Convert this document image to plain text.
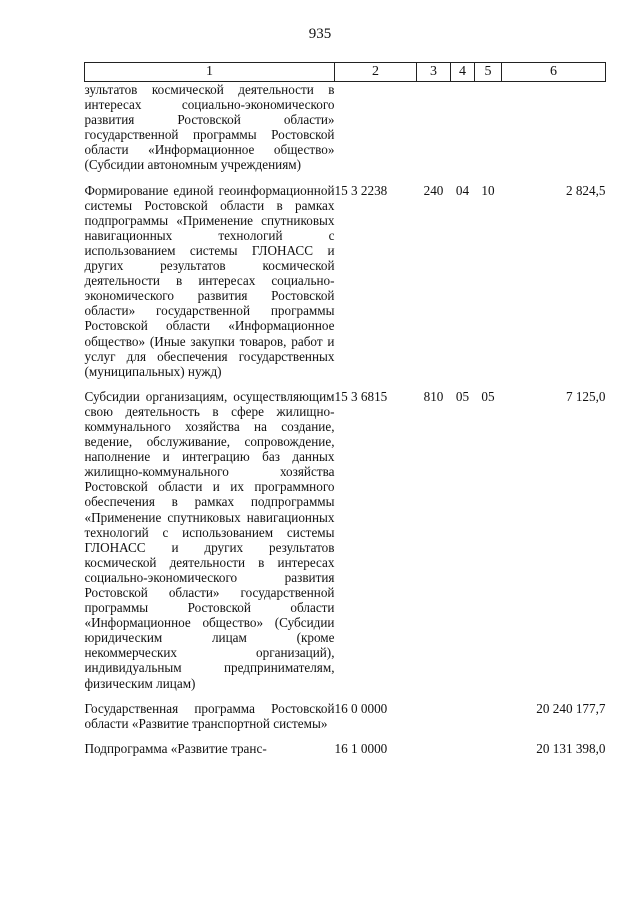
935
1	2	3	4	5	6
зультатов космической деятельности в интересах социально-экономического развития Ростовской области» государственной программы Ростовской области «Информационное общество» (Субсидии автономным учреждениям)					

Формирование единой геоинформационной системы Ростовской области в рамках подпрограммы «Применение спутниковых навигационных технологий с использованием системы ГЛОНАСС и других результатов космической деятельности в интересах социально-экономического развития Ростовской области» государственной программы Ростовской области «Информационное общество» (Иные закупки товаров, работ и услуг для обеспечения государственных (муниципальных) нужд)	15 3 2238	240	04	10	2 824,5

Субсидии организациям, осуществляющим свою деятельность в сфере жилищно-коммунального хозяйства на создание, ведение, обслуживание, сопровождение, наполнение и интеграцию баз данных жилищно-коммунального хозяйства Ростовской области и их программного обеспечения в рамках подпрограммы «Применение спутниковых навигационных технологий с использованием системы ГЛОНАСС и других результатов космической деятельности в интересах социально-экономического развития Ростовской области» государственной программы Ростовской области «Информационное общество» (Субсидии юридическим лицам (кроме некоммерческих организаций), индивидуальным предпринимателям, физическим лицам)	15 3 6815	810	05	05	7 125,0

Государственная программа Ростовской области «Развитие транспортной системы»	16 0 0000				20 240 177,7

Подпрограмма «Развитие транс-	16 1 0000				20 131 398,0
